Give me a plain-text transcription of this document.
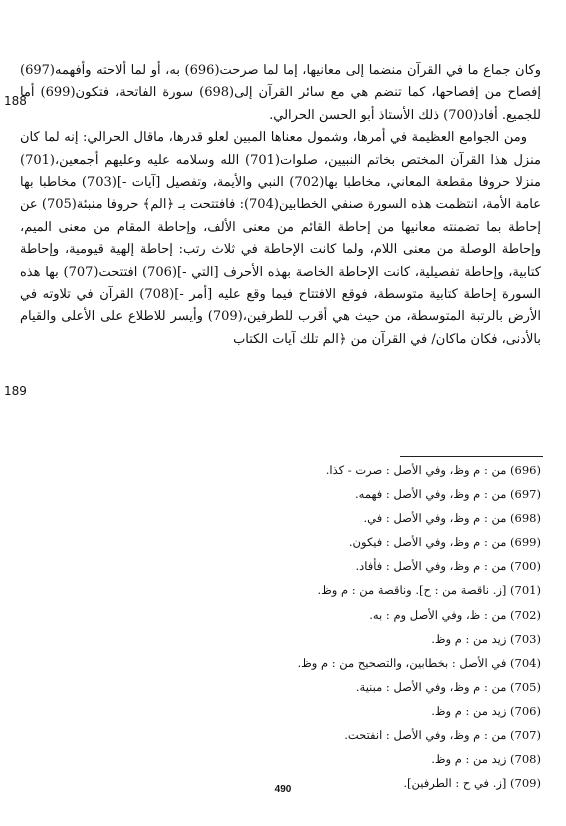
188
189

وكان جماع ما في القرآن منضما إلى معانيها، إما لما صرحت(696) به، أو لما ألاحته وأفهمه(697) إفصاح من إفصاحها، كما تنضم هي مع سائر القرآن إلى(698) سورة الفاتحة، فتكون(699) أما للجميع. أفاد(700) ذلك الأستاذ أبو الحسن الحرالي.

ومن الجوامع العظيمة في أمرها، وشمول معناها المبين لعلو قدرها، ماقال الحرالي: إنه لما كان منزل هذا القرآن المختص بخاتم النبيين، صلوات(701) الله وسلامه عليه وعليهم أجمعين،(701) منزلا حروفا مقطعة المعاني، مخاطبا بها(702) النبي والأيمة، وتفصيل [آيات -](703) مخاطبا بها عامة الأمة، انتظمت هذه السورة صنفي الخطابين(704): فافتتحت بـ ﴿الم﴾ حروفا منبئة(705) عن إحاطة بما تضمنته معانيها من إحاطة القائم من معنى الألف، وإحاطة المقام من معنى الميم، وإحاطة الوصلة من معنى اللام، ولما كانت الإحاطة في ثلاث رتب: إحاطة إلهية قيومية، وإحاطة كتابية، وإحاطة تفصيلية، كانت الإحاطة الخاصة بهذه الأحرف [التي -](706) افتتحت(707) بها هذه السورة إحاطة كتابية متوسطة، فوقع الافتتاح فيما وقع عليه [أمر -](708) القرآن في تلاوته في الأرض بالرتبة المتوسطة، من حيث هي أقرب للطرفين،(709) وأيسر للاطلاع على الأعلى والقيام بالأدنى، فكان ماكان/ في القرآن من ﴿الم تلك آيات الكتاب

(696) من : م وظ، وفي الأصل : صرت - كذا.
(697) من : م وظ، وفي الأصل : فهمه.
(698) من : م وظ، وفي الأصل : في.
(699) من : م وظ، وفي الأصل : فيكون.
(700) من : م وظ، وفي الأصل : فأفاد.
(701) [ز. ناقصة من : ح]. وناقصة من : م وظ.
(702) من : ظ، وفي الأصل وم : به.
(703) زيد من : م وظ.
(704) في الأصل : بخطابين، والتصحيح من : م وظ.
(705) من : م وظ، وفي الأصل : مبنية.
(706) زيد من : م وظ.
(707) من : م وظ، وفي الأصل : انفتحت.
(708) زيد من : م وظ.
(709) [ز. في ح : الطرفين].
490
